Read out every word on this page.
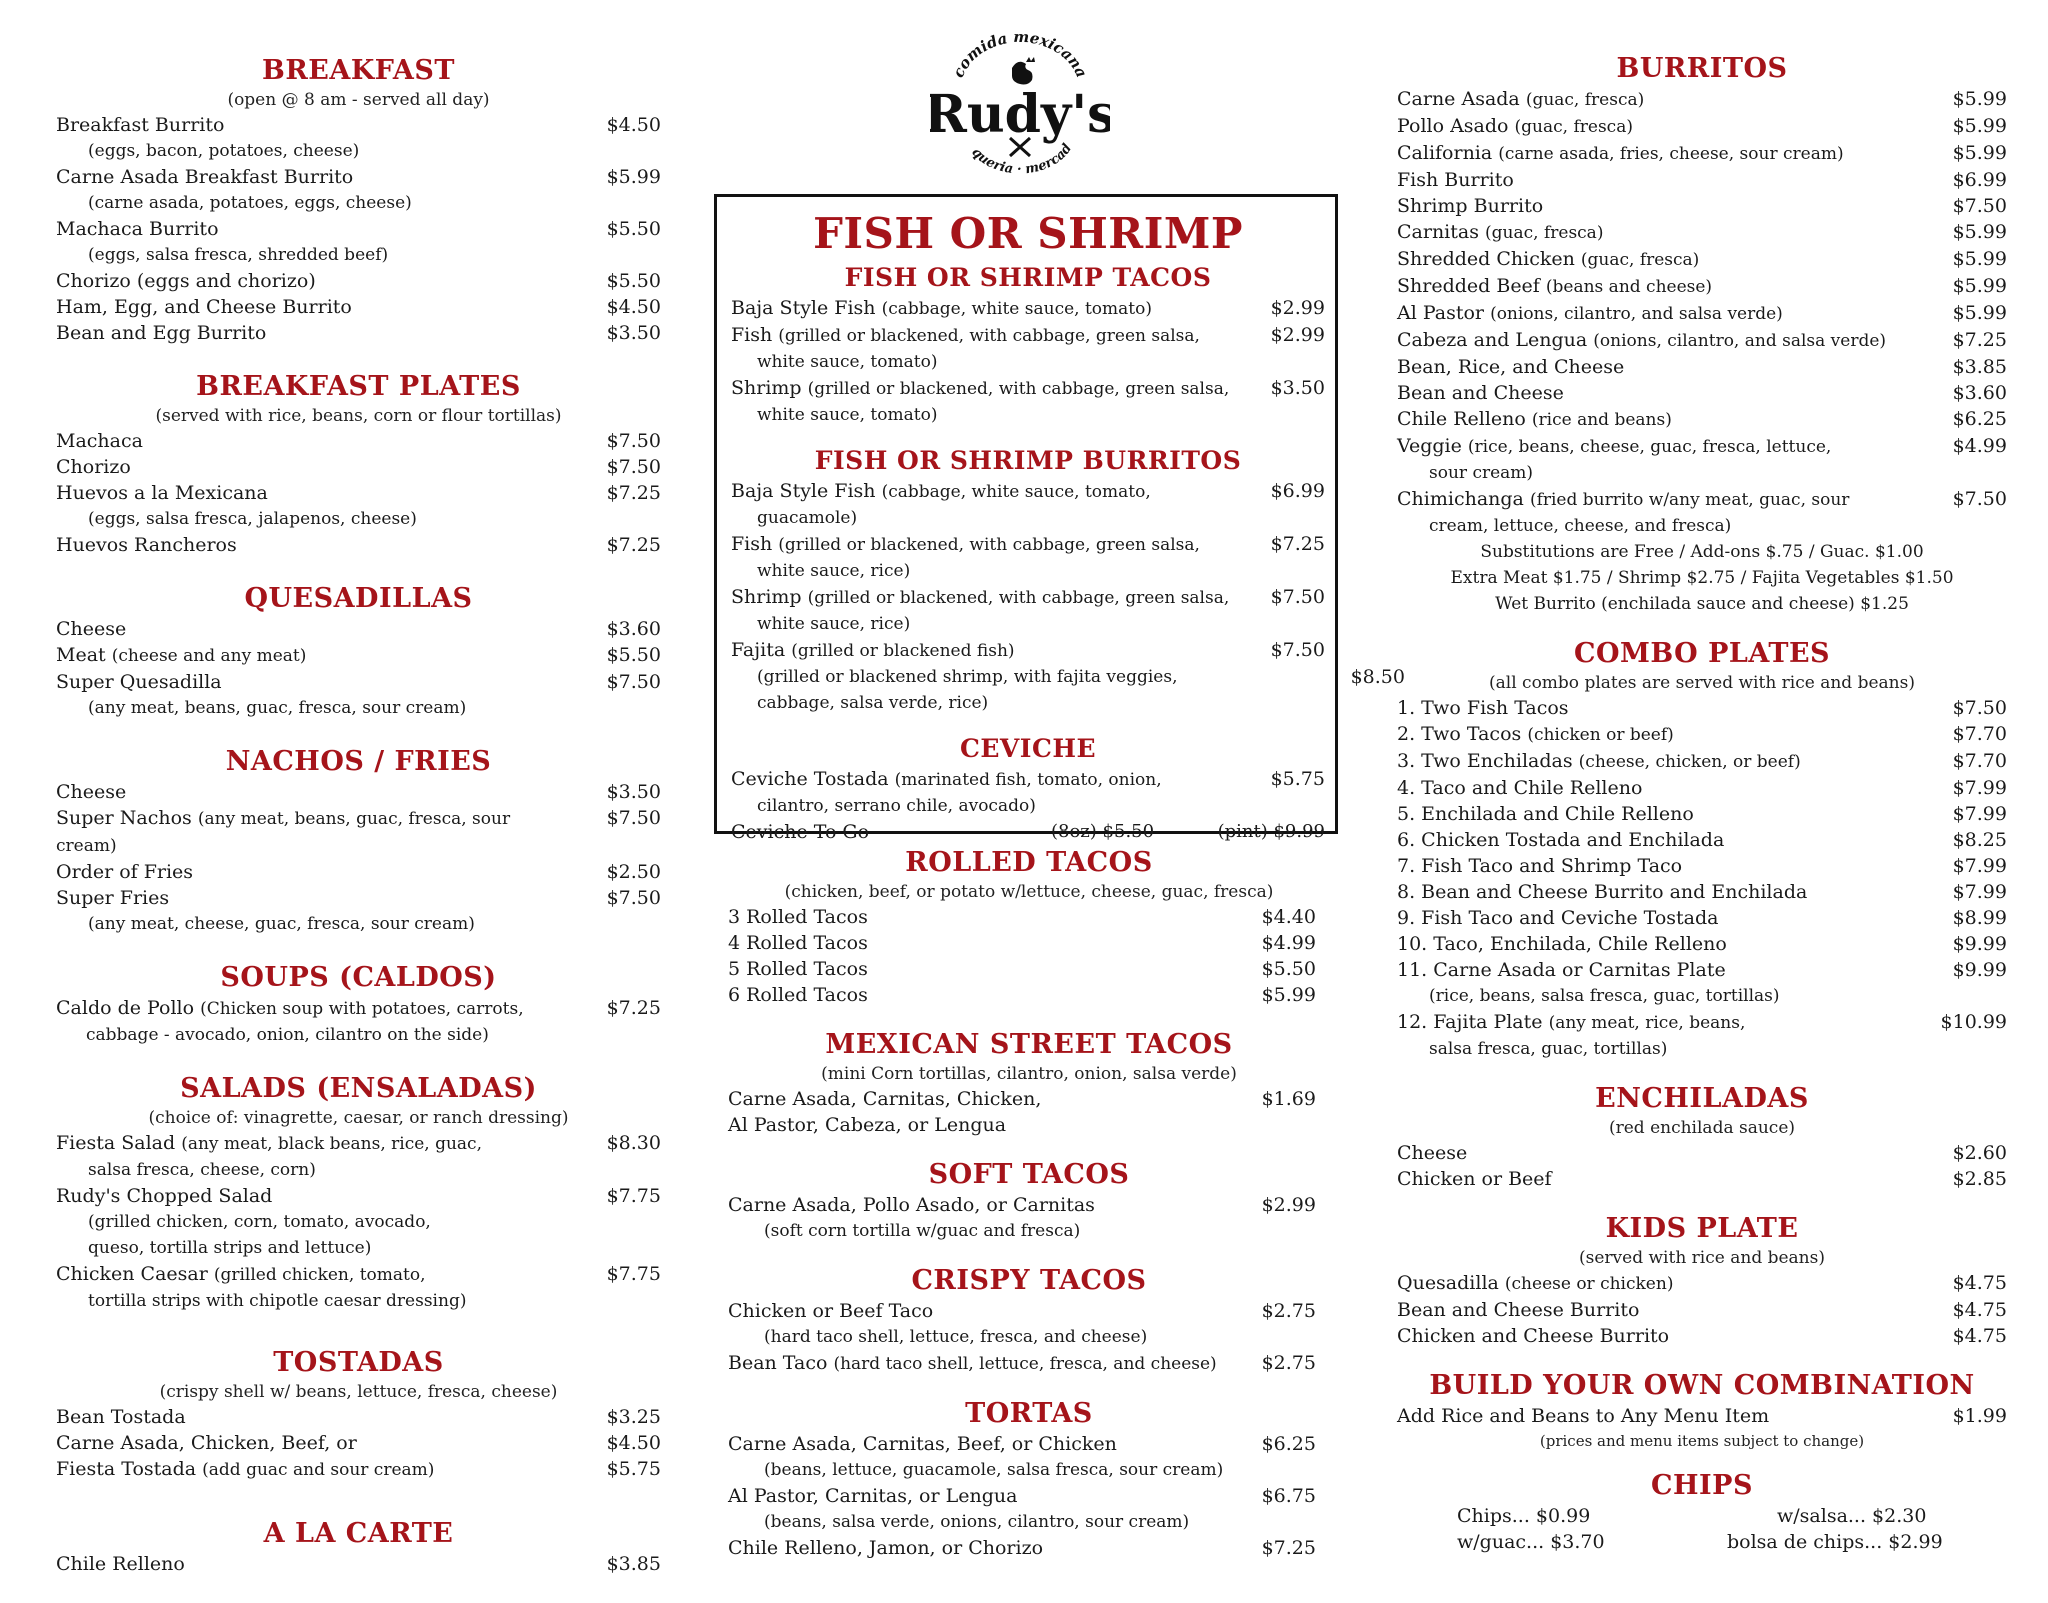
comida mexicana
Rudy's
queria · mercad
BREAKFAST
(open @ 8 am - served all day)
Breakfast Burrito	$4.50
(eggs, bacon, potatoes, cheese)
Carne Asada Breakfast Burrito	$5.99
(carne asada, potatoes, eggs, cheese)
Machaca Burrito	$5.50
(eggs, salsa fresca, shredded beef)
Chorizo (eggs and chorizo)	$5.50
Ham, Egg, and Cheese Burrito	$4.50
Bean and Egg Burrito	$3.50
BREAKFAST PLATES
(served with rice, beans, corn or flour tortillas)
Machaca	$7.50
Chorizo	$7.50
Huevos a la Mexicana	$7.25
(eggs, salsa fresca, jalapenos, cheese)
Huevos Rancheros	$7.25
QUESADILLAS
Cheese	$3.60
Meat (cheese and any meat)	$5.50
Super Quesadilla	$7.50
(any meat, beans, guac, fresca, sour cream)
NACHOS / FRIES
Cheese	$3.50
Super Nachos (any meat, beans, guac, fresca, sour cream)
$7.50
Order of Fries	$2.50
Super Fries	$7.50
(any meat, cheese, guac, fresca, sour cream)
SOUPS (CALDOS)
Caldo de Pollo (Chicken soup with potatoes, carrots,	$7.25
cabbage - avocado, onion, cilantro on the side)
SALADS (ENSALADAS)
(choice of: vinagrette, caesar, or ranch dressing)
Fiesta Salad (any meat, black beans, rice, guac,	$8.30
salsa fresca, cheese, corn)
Rudy's Chopped Salad	$7.75
(grilled chicken, corn, tomato, avocado,
queso, tortilla strips and lettuce)
Chicken Caesar (grilled chicken, tomato,	$7.75
tortilla strips with chipotle caesar dressing)
TOSTADAS
(crispy shell w/ beans, lettuce, fresca, cheese)
Bean Tostada	$3.25
Carne Asada, Chicken, Beef, or	$4.50
Fiesta Tostada (add guac and sour cream)	$5.75
A LA CARTE
Chile Relleno	$3.85
FISH OR SHRIMP
FISH OR SHRIMP TACOS
Baja Style Fish (cabbage, white sauce, tomato)	$2.99
Fish (grilled or blackened, with cabbage, green salsa,	$2.99
white sauce, tomato)
Shrimp (grilled or blackened, with cabbage, green salsa, $3.50
white sauce, tomato)
FISH OR SHRIMP BURRITOS
Baja Style Fish (cabbage, white sauce, tomato,	$6.99
guacamole)
Fish (grilled or blackened, with cabbage, green salsa,	$7.25
white sauce, rice)
Shrimp (grilled or blackened, with cabbage, green salsa, $7.50
white sauce, rice)
Fajita (grilled or blackened fish)	$7.50
(grilled or blackened shrimp, with fajita veggies,	$8.50
cabbage, salsa verde, rice)
CEVICHE
Ceviche Tostada (marinated fish, tomato, onion,	$5.75
cilantro, serrano chile, avocado)
Ceviche To Go	(8oz) $5.50	(pint) $9.99
ROLLED TACOS
(chicken, beef, or potato w/lettuce, cheese, guac, fresca)
3 Rolled Tacos	$4.40
4 Rolled Tacos	$4.99
5 Rolled Tacos	$5.50
6 Rolled Tacos	$5.99
MEXICAN STREET TACOS
(mini Corn tortillas, cilantro, onion, salsa verde)
Carne Asada, Carnitas, Chicken,	$1.69
Al Pastor, Cabeza, or Lengua
SOFT TACOS
Carne Asada, Pollo Asado, or Carnitas	$2.99
(soft corn tortilla w/guac and fresca)
CRISPY TACOS
Chicken or Beef Taco	$2.75
(hard taco shell, lettuce, fresca, and cheese)
Bean Taco (hard taco shell, lettuce, fresca, and cheese) $2.75
TORTAS
Carne Asada, Carnitas, Beef, or Chicken	$6.25
(beans, lettuce, guacamole, salsa fresca, sour cream)
Al Pastor, Carnitas, or Lengua	$6.75
(beans, salsa verde, onions, cilantro, sour cream)
Chile Relleno, Jamon, or Chorizo	$7.25
BURRITOS
Carne Asada (guac, fresca)	$5.99
Pollo Asado (guac, fresca)	$5.99
California (carne asada, fries, cheese, sour cream)	$5.99
Fish Burrito	$6.99
Shrimp Burrito	$7.50
Carnitas (guac, fresca)	$5.99
Shredded Chicken (guac, fresca)	$5.99
Shredded Beef (beans and cheese)	$5.99
Al Pastor (onions, cilantro, and salsa verde)	$5.99
Cabeza and Lengua (onions, cilantro, and salsa verde)	$7.25
Bean, Rice, and Cheese	$3.85
Bean and Cheese	$3.60
Chile Relleno (rice and beans)	$6.25
Veggie (rice, beans, cheese, guac, fresca, lettuce,	$4.99
sour cream)
Chimichanga (fried burrito w/any meat, guac, sour	$7.50
cream, lettuce, cheese, and fresca)
Substitutions are Free / Add-ons $.75 / Guac. $1.00
Extra Meat $1.75 / Shrimp $2.75 / Fajita Vegetables $1.50
Wet Burrito (enchilada sauce and cheese) $1.25
COMBO PLATES
(all combo plates are served with rice and beans)
1. Two Fish Tacos	$7.50
2. Two Tacos (chicken or beef)	$7.70
3. Two Enchiladas (cheese, chicken, or beef)	$7.70
4. Taco and Chile Relleno	$7.99
5. Enchilada and Chile Relleno	$7.99
6. Chicken Tostada and Enchilada	$8.25
7. Fish Taco and Shrimp Taco	$7.99
8. Bean and Cheese Burrito and Enchilada	$7.99
9. Fish Taco and Ceviche Tostada	$8.99
10. Taco, Enchilada, Chile Relleno	$9.99
11. Carne Asada or Carnitas Plate	$9.99
(rice, beans, salsa fresca, guac, tortillas)
12. Fajita Plate (any meat, rice, beans,	$10.99
salsa fresca, guac, tortillas)
ENCHILADAS
(red enchilada sauce)
Cheese	$2.60
Chicken or Beef	$2.85
KIDS PLATE
(served with rice and beans)
Quesadilla (cheese or chicken)	$4.75
Bean and Cheese Burrito	$4.75
Chicken and Cheese Burrito	$4.75
BUILD YOUR OWN COMBINATION
Add Rice and Beans to Any Menu Item	$1.99
(prices and menu items subject to change)
CHIPS
Chips... $0.99	w/salsa... $2.30
w/guac... $3.70	bolsa de chips... $2.99
